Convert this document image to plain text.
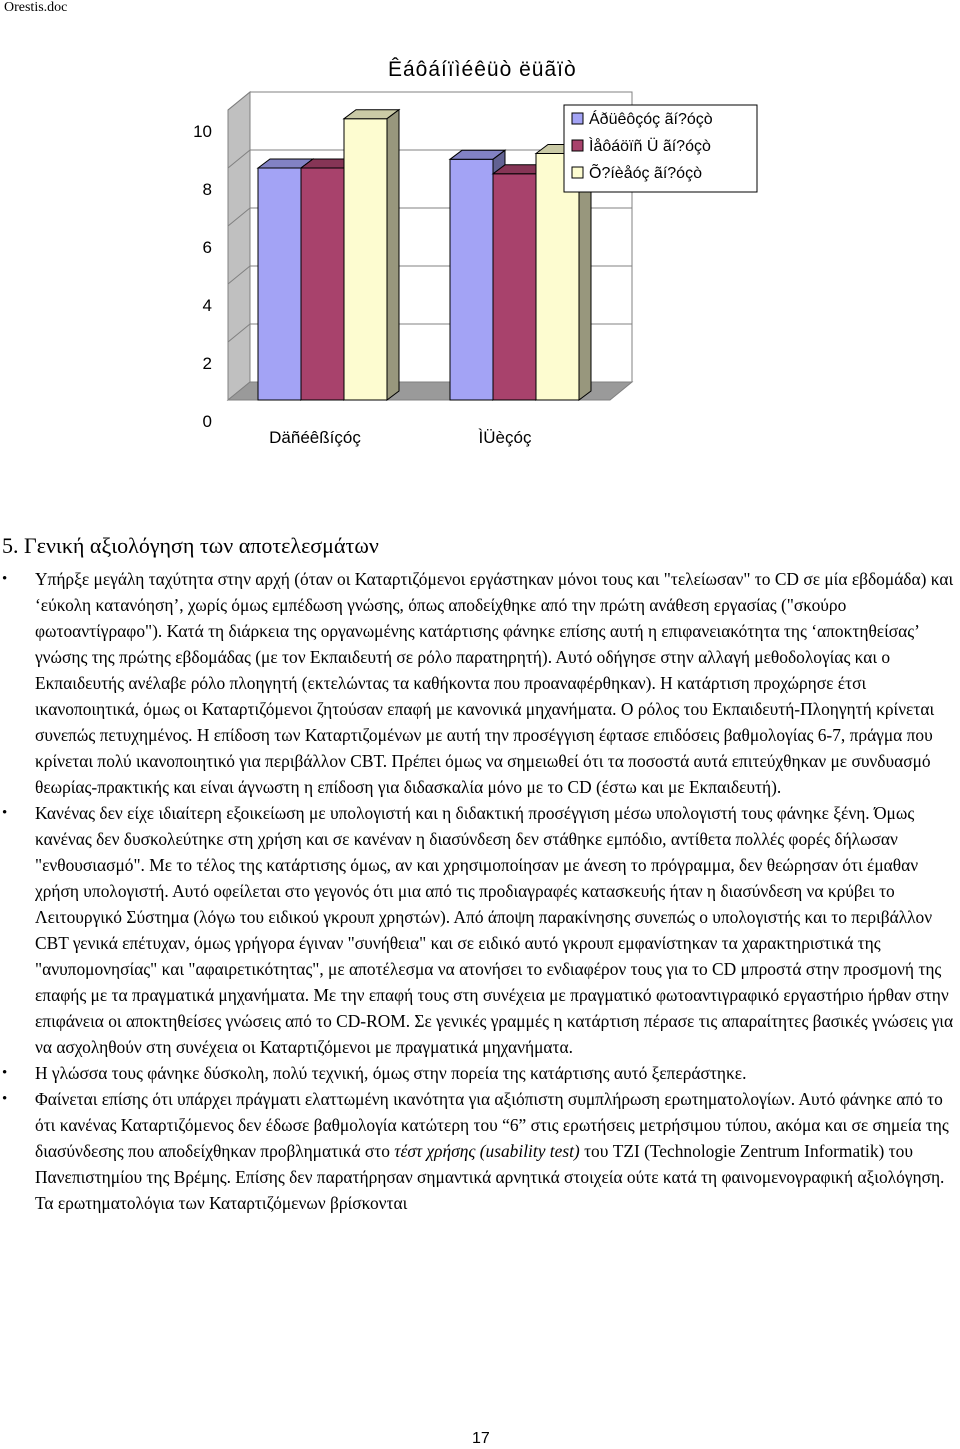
Orestis.doc
Êáôáíïìéêüò ëüãïò
0
2
4
6
8
10
Däñéêßíçóç	ÌÜèçóç
Áðüêôçóç ãí?óçò
Ìåôáöïñ Ü ãí?óçò
Õ?íèåóç ãí?óçò
5. Γενική αξιολόγηση των αποτελεσμάτων
• Υπήρξε μεγάλη ταχύτητα στην αρχή (όταν οι Καταρτιζόμενοι εργάστηκαν μόνοι τους και "τελείωσαν" το CD σε μία εβδομάδα) και ‘εύκολη κατανόηση’, χωρίς όμως εμπέδωση γνώσης, όπως αποδείχθηκε από την πρώτη ανάθεση εργασίας ("σκούρο φωτοαντίγραφο"). Κατά τη διάρκεια της οργανωμένης κατάρτισης φάνηκε επίσης αυτή η επιφανειακότητα της ‘αποκτηθείσας’ γνώσης της πρώτης εβδομάδας (με τον Εκπαιδευτή σε ρόλο παρατηρητή). Αυτό οδήγησε στην αλλαγή μεθοδολογίας και ο Εκπαιδευτής ανέλαβε ρόλο πλοηγητή (εκτελώντας τα καθήκοντα που προαναφέρθηκαν). Η κατάρτιση προχώρησε έτσι ικανοποιητικά, όμως οι Καταρτιζόμενοι ζητούσαν επαφή με κανονικά μηχανήματα. Ο ρόλος του Εκπαιδευτή-Πλοηγητή κρίνεται συνεπώς πετυχημένος. Η επίδοση των Καταρτιζομένων με αυτή την προσέγγιση έφτασε επιδόσεις βαθμολογίας 6-7, πράγμα που κρίνεται πολύ ικανοποιητικό για περιβάλλον CBT. Πρέπει όμως να σημειωθεί ότι τα ποσοστά αυτά επιτεύχθηκαν με συνδυασμό θεωρίας-πρακτικής και είναι άγνωστη η επίδοση για διδασκαλία μόνο με το CD (έστω και με Εκπαιδευτή).
• Κανένας δεν είχε ιδιαίτερη εξοικείωση με υπολογιστή και η διδακτική προσέγγιση μέσω υπολογιστή τους φάνηκε ξένη. Όμως κανένας δεν δυσκολεύτηκε στη χρήση και σε κανέναν η διασύνδεση δεν στάθηκε εμπόδιο, αντίθετα πολλές φορές δήλωσαν "ενθουσιασμό". Με το τέλος της κατάρτισης όμως, αν και χρησιμοποίησαν με άνεση το πρόγραμμα, δεν θεώρησαν ότι έμαθαν χρήση υπολογιστή. Αυτό οφείλεται στο γεγονός ότι μια από τις προδιαγραφές κατασκευής ήταν η διασύνδεση να κρύβει το Λειτουργικό Σύστημα (λόγω του ειδικού γκρουπ χρηστών). Από άποψη παρακίνησης συνεπώς ο υπολογιστής και το περιβάλλον CBT γενικά επέτυχαν, όμως γρήγορα έγιναν "συνήθεια" και σε ειδικό αυτό γκρουπ εμφανίστηκαν τα χαρακτηριστικά της "ανυπομονησίας" και "αφαιρετικότητας", με αποτέλεσμα να ατονήσει το ενδιαφέρον τους για το CD μπροστά στην προσμονή της επαφής με τα πραγματικά μηχανήματα. Με την επαφή τους στη συνέχεια με πραγματικό φωτοαντιγραφικό εργαστήριο ήρθαν στην επιφάνεια οι αποκτηθείσες γνώσεις από το CD-ROM. Σε γενικές γραμμές η κατάρτιση πέρασε τις απαραίτητες βασικές γνώσεις για να ασχοληθούν στη συνέχεια οι Καταρτιζόμενοι με πραγματικά μηχανήματα.
• Η γλώσσα τους φάνηκε δύσκολη, πολύ τεχνική, όμως στην πορεία της κατάρτισης αυτό ξεπεράστηκε.
• Φαίνεται επίσης ότι υπάρχει πράγματι ελαττωμένη ικανότητα για αξιόπιστη συμπλήρωση ερωτηματολογίων. Αυτό φάνηκε από το ότι κανένας Καταρτιζόμενος δεν έδωσε βαθμολογία κατώτερη του “6” στις ερωτήσεις μετρήσιμου τύπου, ακόμα και σε σημεία της διασύνδεσης που αποδείχθηκαν προβληματικά στο τέστ χρήσης (usability test) του TZI (Technologie Zentrum Informatik) του Πανεπιστημίου της Βρέμης. Επίσης δεν παρατήρησαν σημαντικά αρνητικά στοιχεία ούτε κατά τη φαινομενογραφική αξιολόγηση. Τα ερωτηματολόγια των Καταρτιζόμενων βρίσκονται
17
